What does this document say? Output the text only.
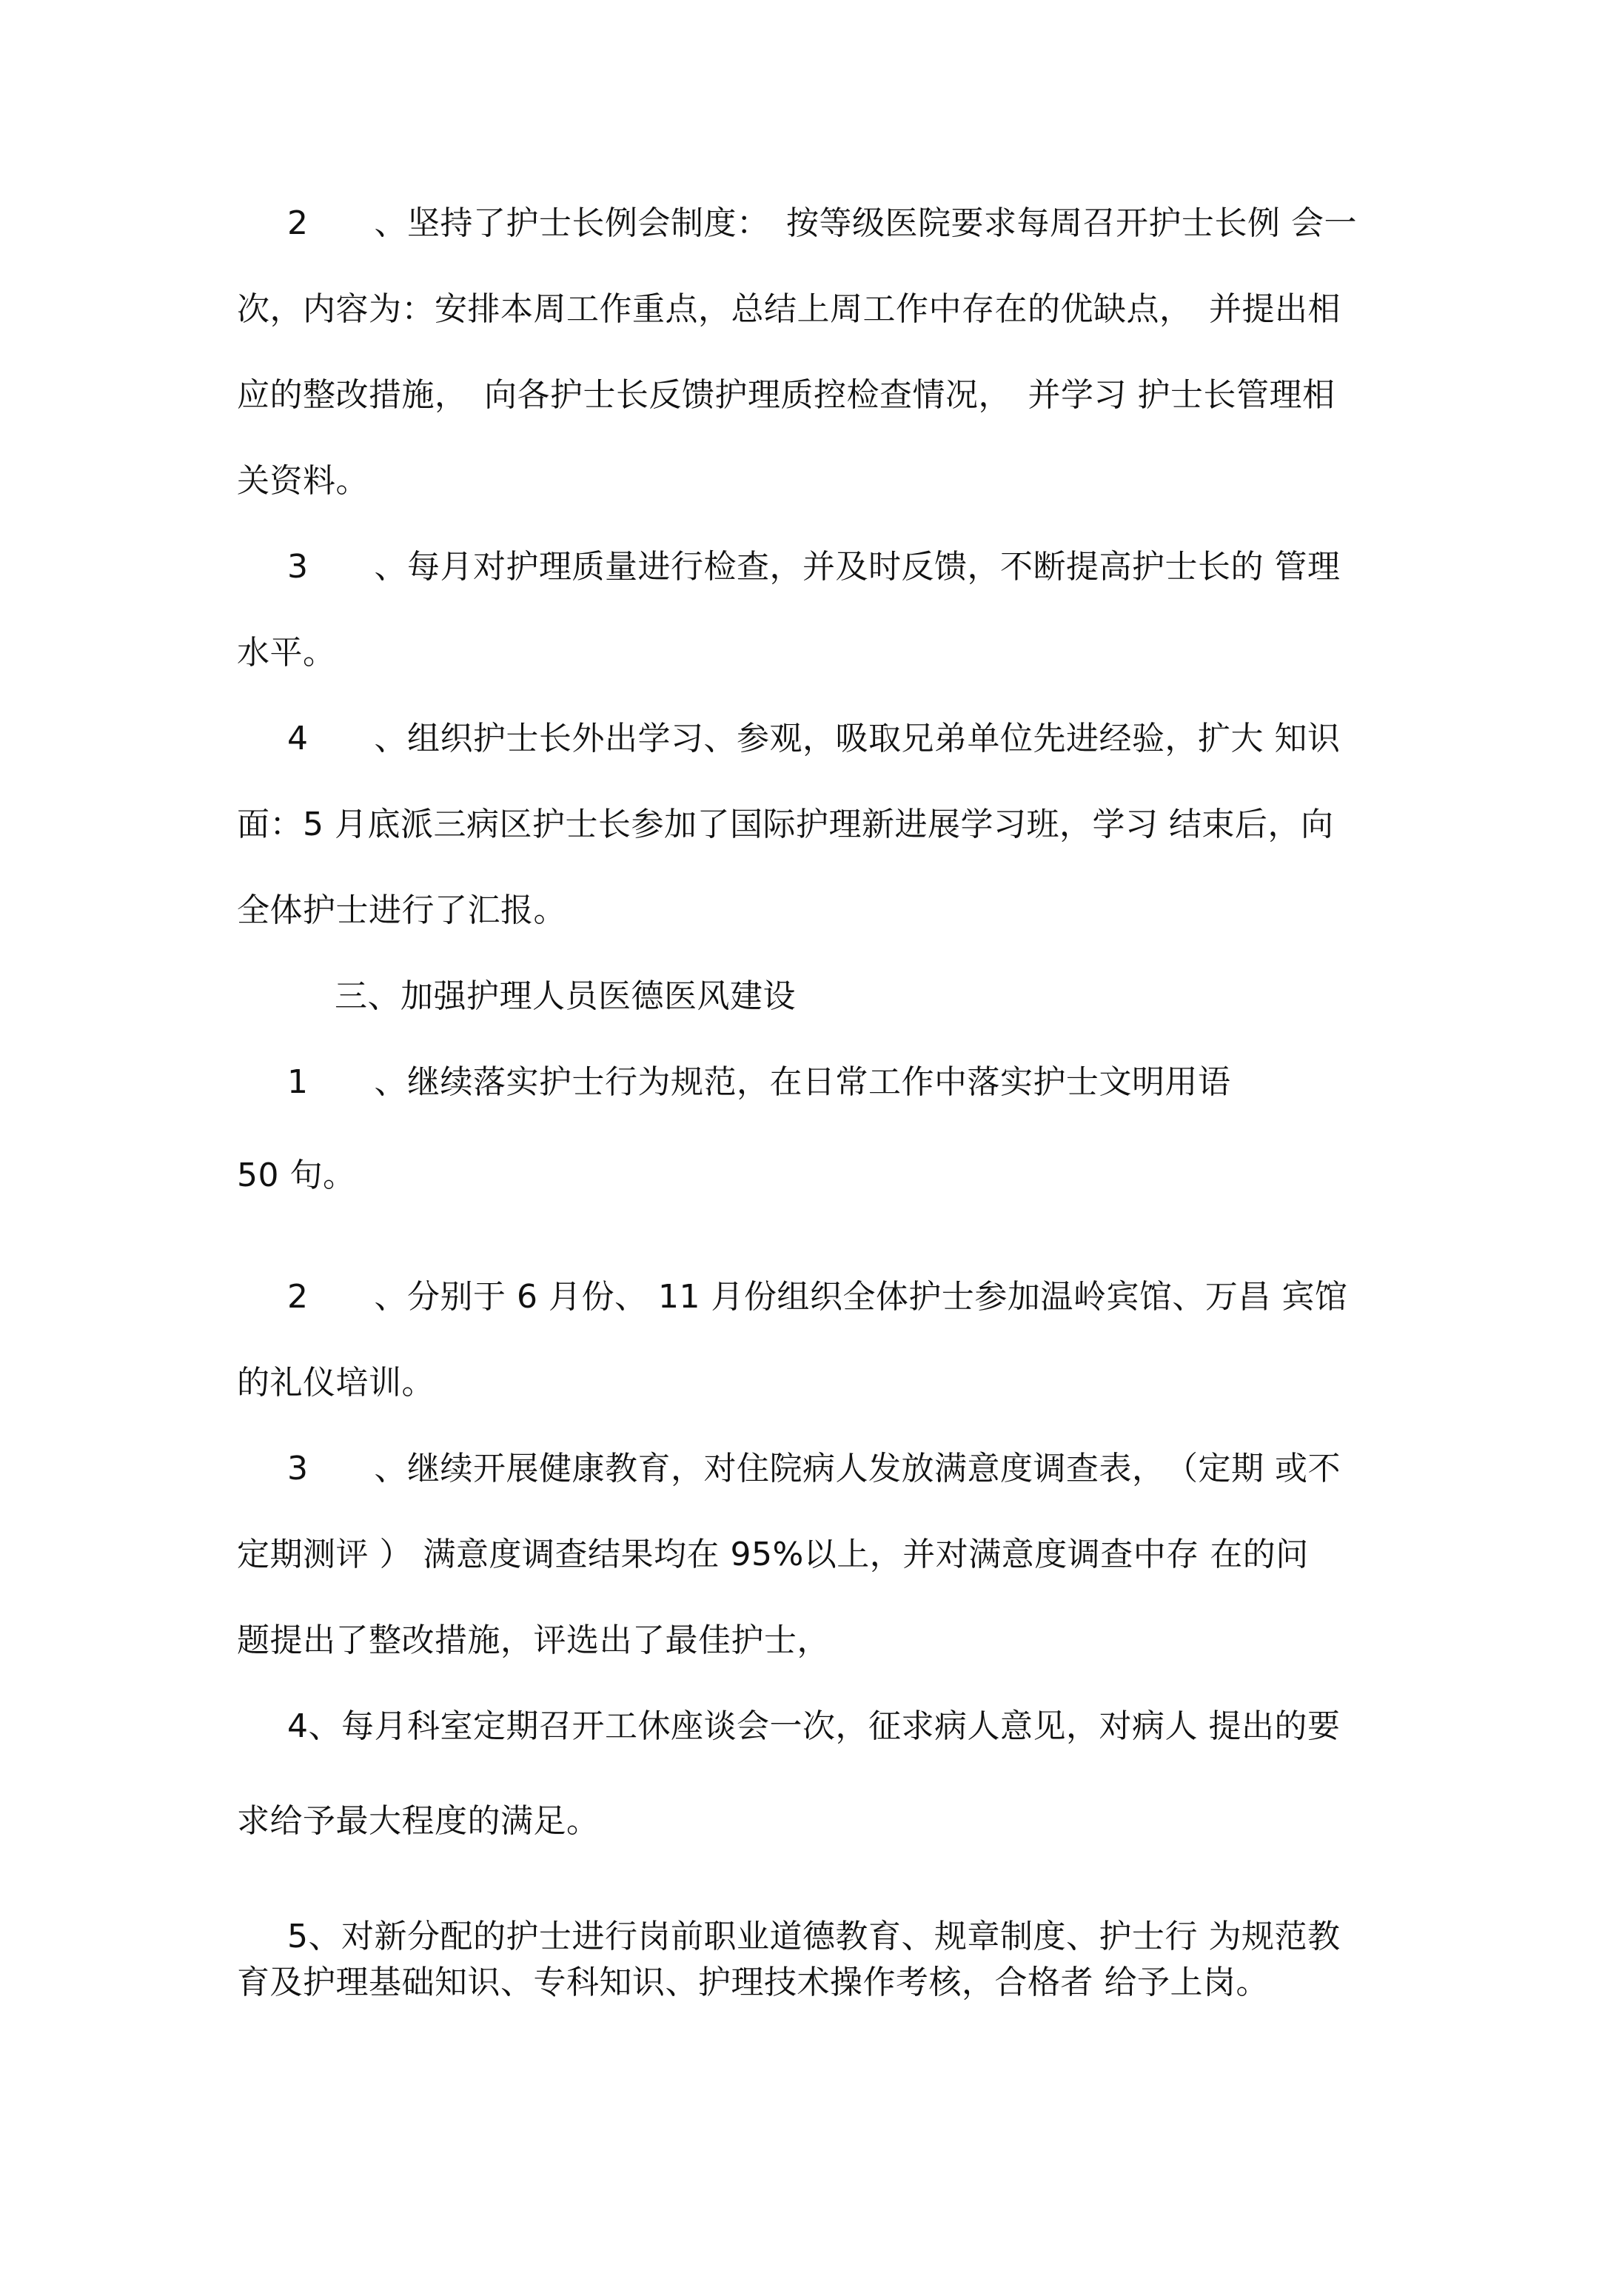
2　　、坚持了护士长例会制度：　按等级医院要求每周召开护士长例 会一
次，内容为：安排本周工作重点，总结上周工作中存在的优缺点，　并提出相
应的整改措施，　向各护士长反馈护理质控检查情况，　并学习 护士长管理相
关资料。
3　　、每月对护理质量进行检查，并及时反馈，不断提高护士长的 管理
水平。
4　　、组织护士长外出学习、参观，吸取兄弟单位先进经验，扩大 知识
面：5 月底派三病区护士长参加了国际护理新进展学习班，学习 结束后，向
全体护士进行了汇报。
三、加强护理人员医德医风建设
1　　、继续落实护士行为规范，在日常工作中落实护士文明用语
50 句。
2　　、分别于 6 月份、 11 月份组织全体护士参加温岭宾馆、万昌 宾馆
的礼仪培训。
3　　、继续开展健康教育，对住院病人发放满意度调查表，　（定期 或不
定期测评 ） 满意度调查结果均在 95%以上，并对满意度调查中存 在的问
题提出了整改措施，评选出了最佳护士，
4、每月科室定期召开工休座谈会一次，征求病人意见，对病人 提出的要
求给予最大程度的满足。
5、对新分配的护士进行岗前职业道德教育、规章制度、护士行 为规范教
育及护理基础知识、专科知识、护理技术操作考核，合格者 给予上岗。
